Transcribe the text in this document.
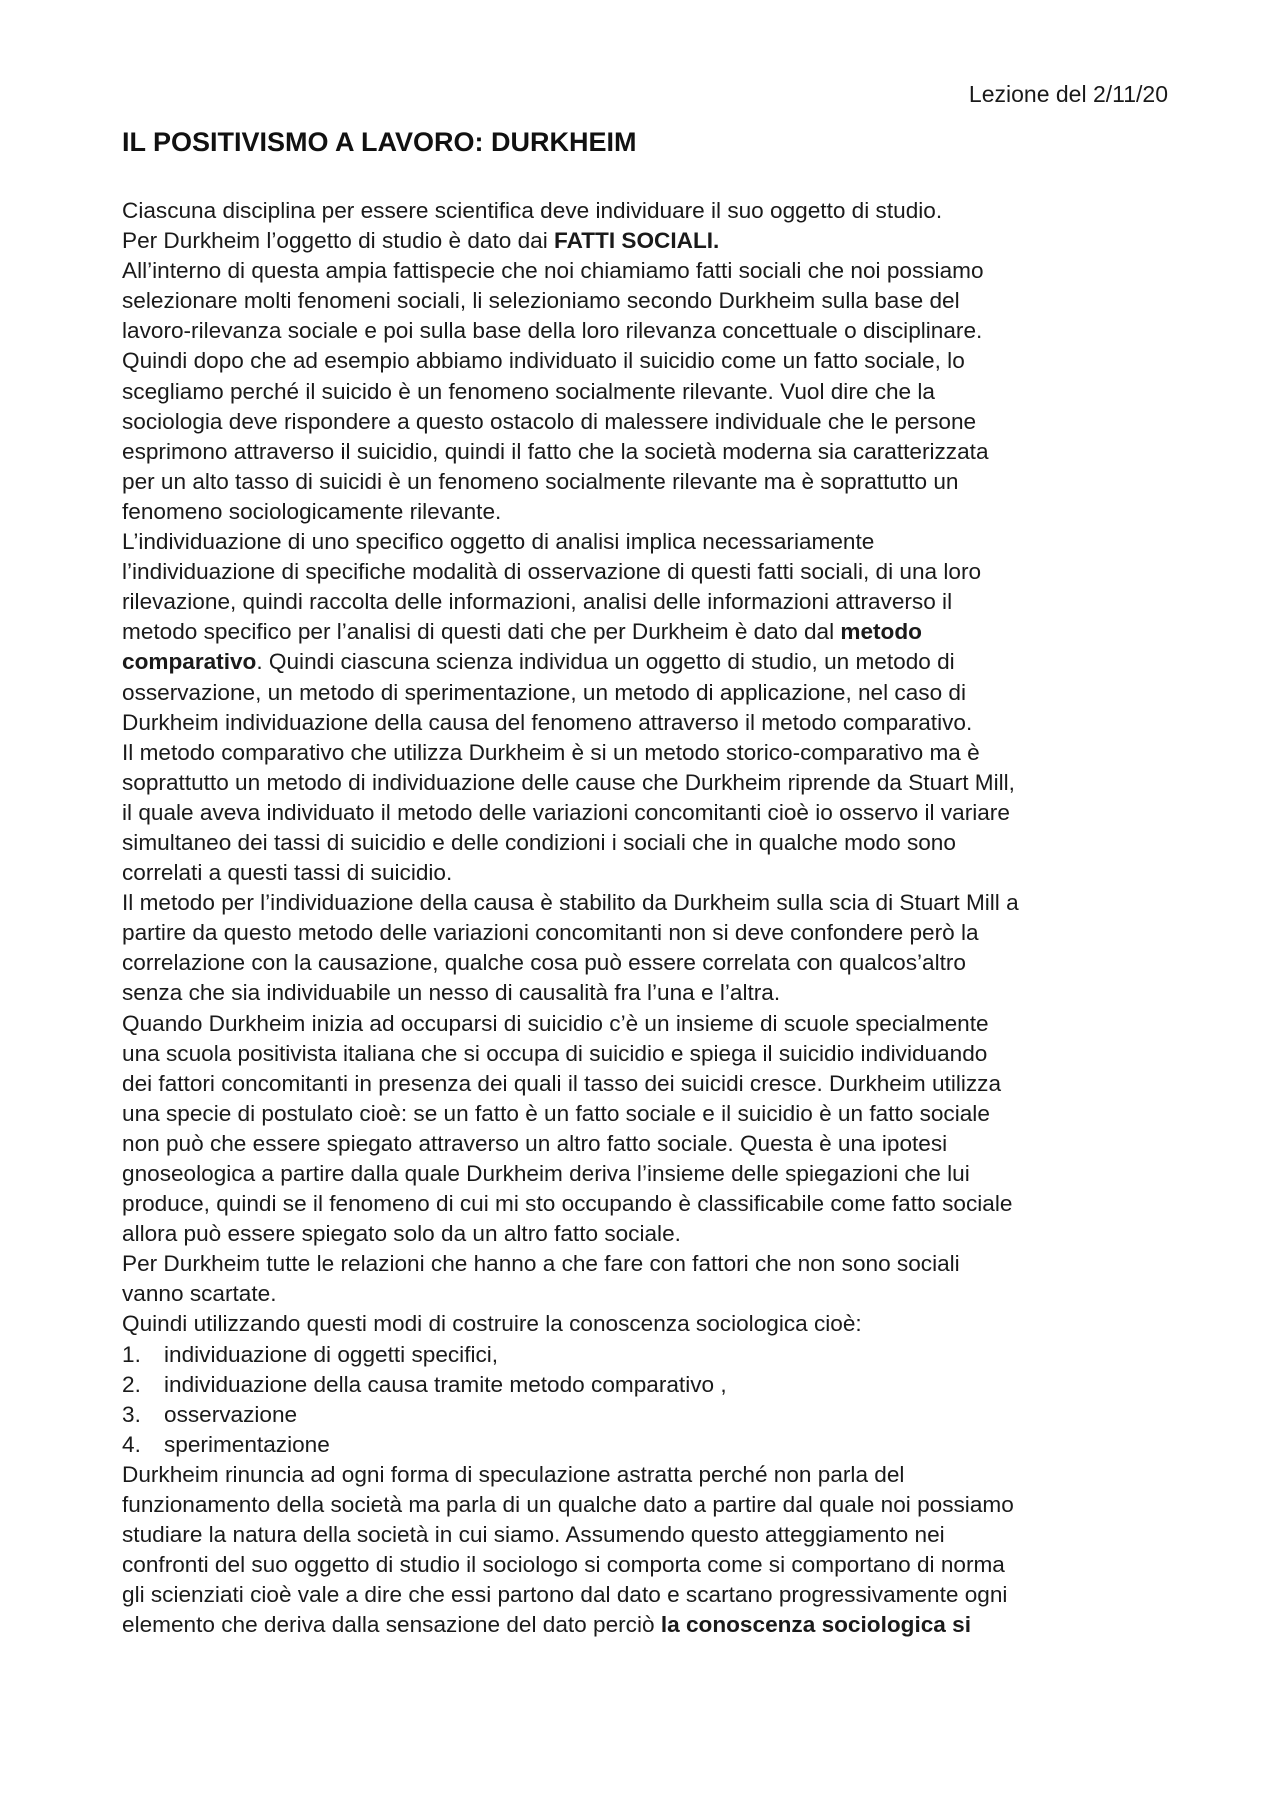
Lezione del 2/11/20
IL POSITIVISMO A LAVORO: DURKHEIM
Ciascuna disciplina per essere scientifica deve individuare il suo oggetto di studio.
Per Durkheim l’oggetto di studio è dato dai FATTI SOCIALI.
All’interno di questa ampia fattispecie che noi chiamiamo fatti sociali che noi possiamo
selezionare molti fenomeni sociali, li selezioniamo secondo Durkheim sulla base del
lavoro-rilevanza sociale e poi sulla base della loro rilevanza concettuale o disciplinare.
Quindi dopo che ad esempio abbiamo individuato il suicidio come un fatto sociale, lo
scegliamo perché il suicido è un fenomeno socialmente rilevante. Vuol dire che la
sociologia deve rispondere a questo ostacolo di malessere individuale che le persone
esprimono attraverso il suicidio, quindi il fatto che la società moderna sia caratterizzata
per un alto tasso di suicidi è un fenomeno socialmente rilevante ma è soprattutto un
fenomeno sociologicamente rilevante.
L’individuazione di uno specifico oggetto di analisi implica necessariamente
l’individuazione di specifiche modalità di osservazione di questi fatti sociali, di una loro
rilevazione, quindi raccolta delle informazioni, analisi delle informazioni attraverso il
metodo specifico per l’analisi di questi dati che per Durkheim è dato dal metodo
comparativo. Quindi ciascuna scienza individua un oggetto di studio, un metodo di
osservazione, un metodo di sperimentazione, un metodo di applicazione, nel caso di
Durkheim individuazione della causa del fenomeno attraverso il metodo comparativo.
Il metodo comparativo che utilizza Durkheim è si un metodo storico-comparativo ma è
soprattutto un metodo di individuazione delle cause che Durkheim riprende da Stuart Mill,
il quale aveva individuato il metodo delle variazioni concomitanti cioè io osservo il variare
simultaneo dei tassi di suicidio e delle condizioni i sociali che in qualche modo sono
correlati a questi tassi di suicidio.
Il metodo per l’individuazione della causa è stabilito da Durkheim sulla scia di Stuart Mill a
partire da questo metodo delle variazioni concomitanti non si deve confondere però la
correlazione con la causazione, qualche cosa può essere correlata con qualcos’altro
senza che sia individuabile un nesso di causalità fra l’una e l’altra.
Quando Durkheim inizia ad occuparsi di suicidio c’è un insieme di scuole specialmente
una scuola positivista italiana che si occupa di suicidio e spiega il suicidio individuando
dei fattori concomitanti in presenza dei quali il tasso dei suicidi cresce. Durkheim utilizza
una specie di postulato cioè: se un fatto è un fatto sociale e il suicidio è un fatto sociale
non può che essere spiegato attraverso un altro fatto sociale. Questa è una ipotesi
gnoseologica a partire dalla quale Durkheim deriva l’insieme delle spiegazioni che lui
produce, quindi se il fenomeno di cui mi sto occupando è classificabile come fatto sociale
allora può essere spiegato solo da un altro fatto sociale.
Per Durkheim tutte le relazioni che hanno a che fare con fattori che non sono sociali
vanno scartate.
Quindi utilizzando questi modi di costruire la conoscenza sociologica cioè:
1. individuazione di oggetti specifici,
2. individuazione della causa tramite metodo comparativo ,
3. osservazione
4. sperimentazione
Durkheim rinuncia ad ogni forma di speculazione astratta perché non parla del
funzionamento della società ma parla di un qualche dato a partire dal quale noi possiamo
studiare la natura della società in cui siamo. Assumendo questo atteggiamento nei
confronti del suo oggetto di studio il sociologo si comporta come si comportano di norma
gli scienziati cioè vale a dire che essi partono dal dato e scartano progressivamente ogni
elemento che deriva dalla sensazione del dato perciò la conoscenza sociologica si
